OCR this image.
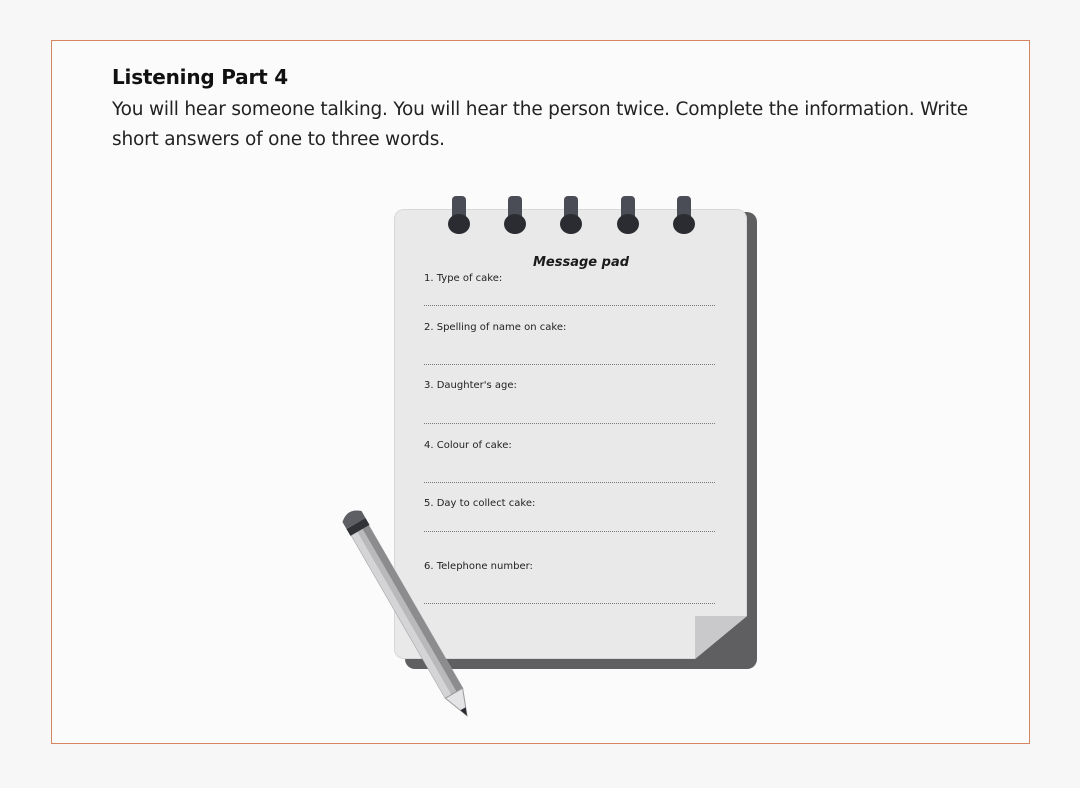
Listening Part 4
You will hear someone talking. You will hear the person twice. Complete the information. Write short answers of one to three words.
Message pad
1. Type of cake:
2. Spelling of name on cake:
3. Daughter's age:
4. Colour of cake:
5. Day to collect cake:
6. Telephone number:
